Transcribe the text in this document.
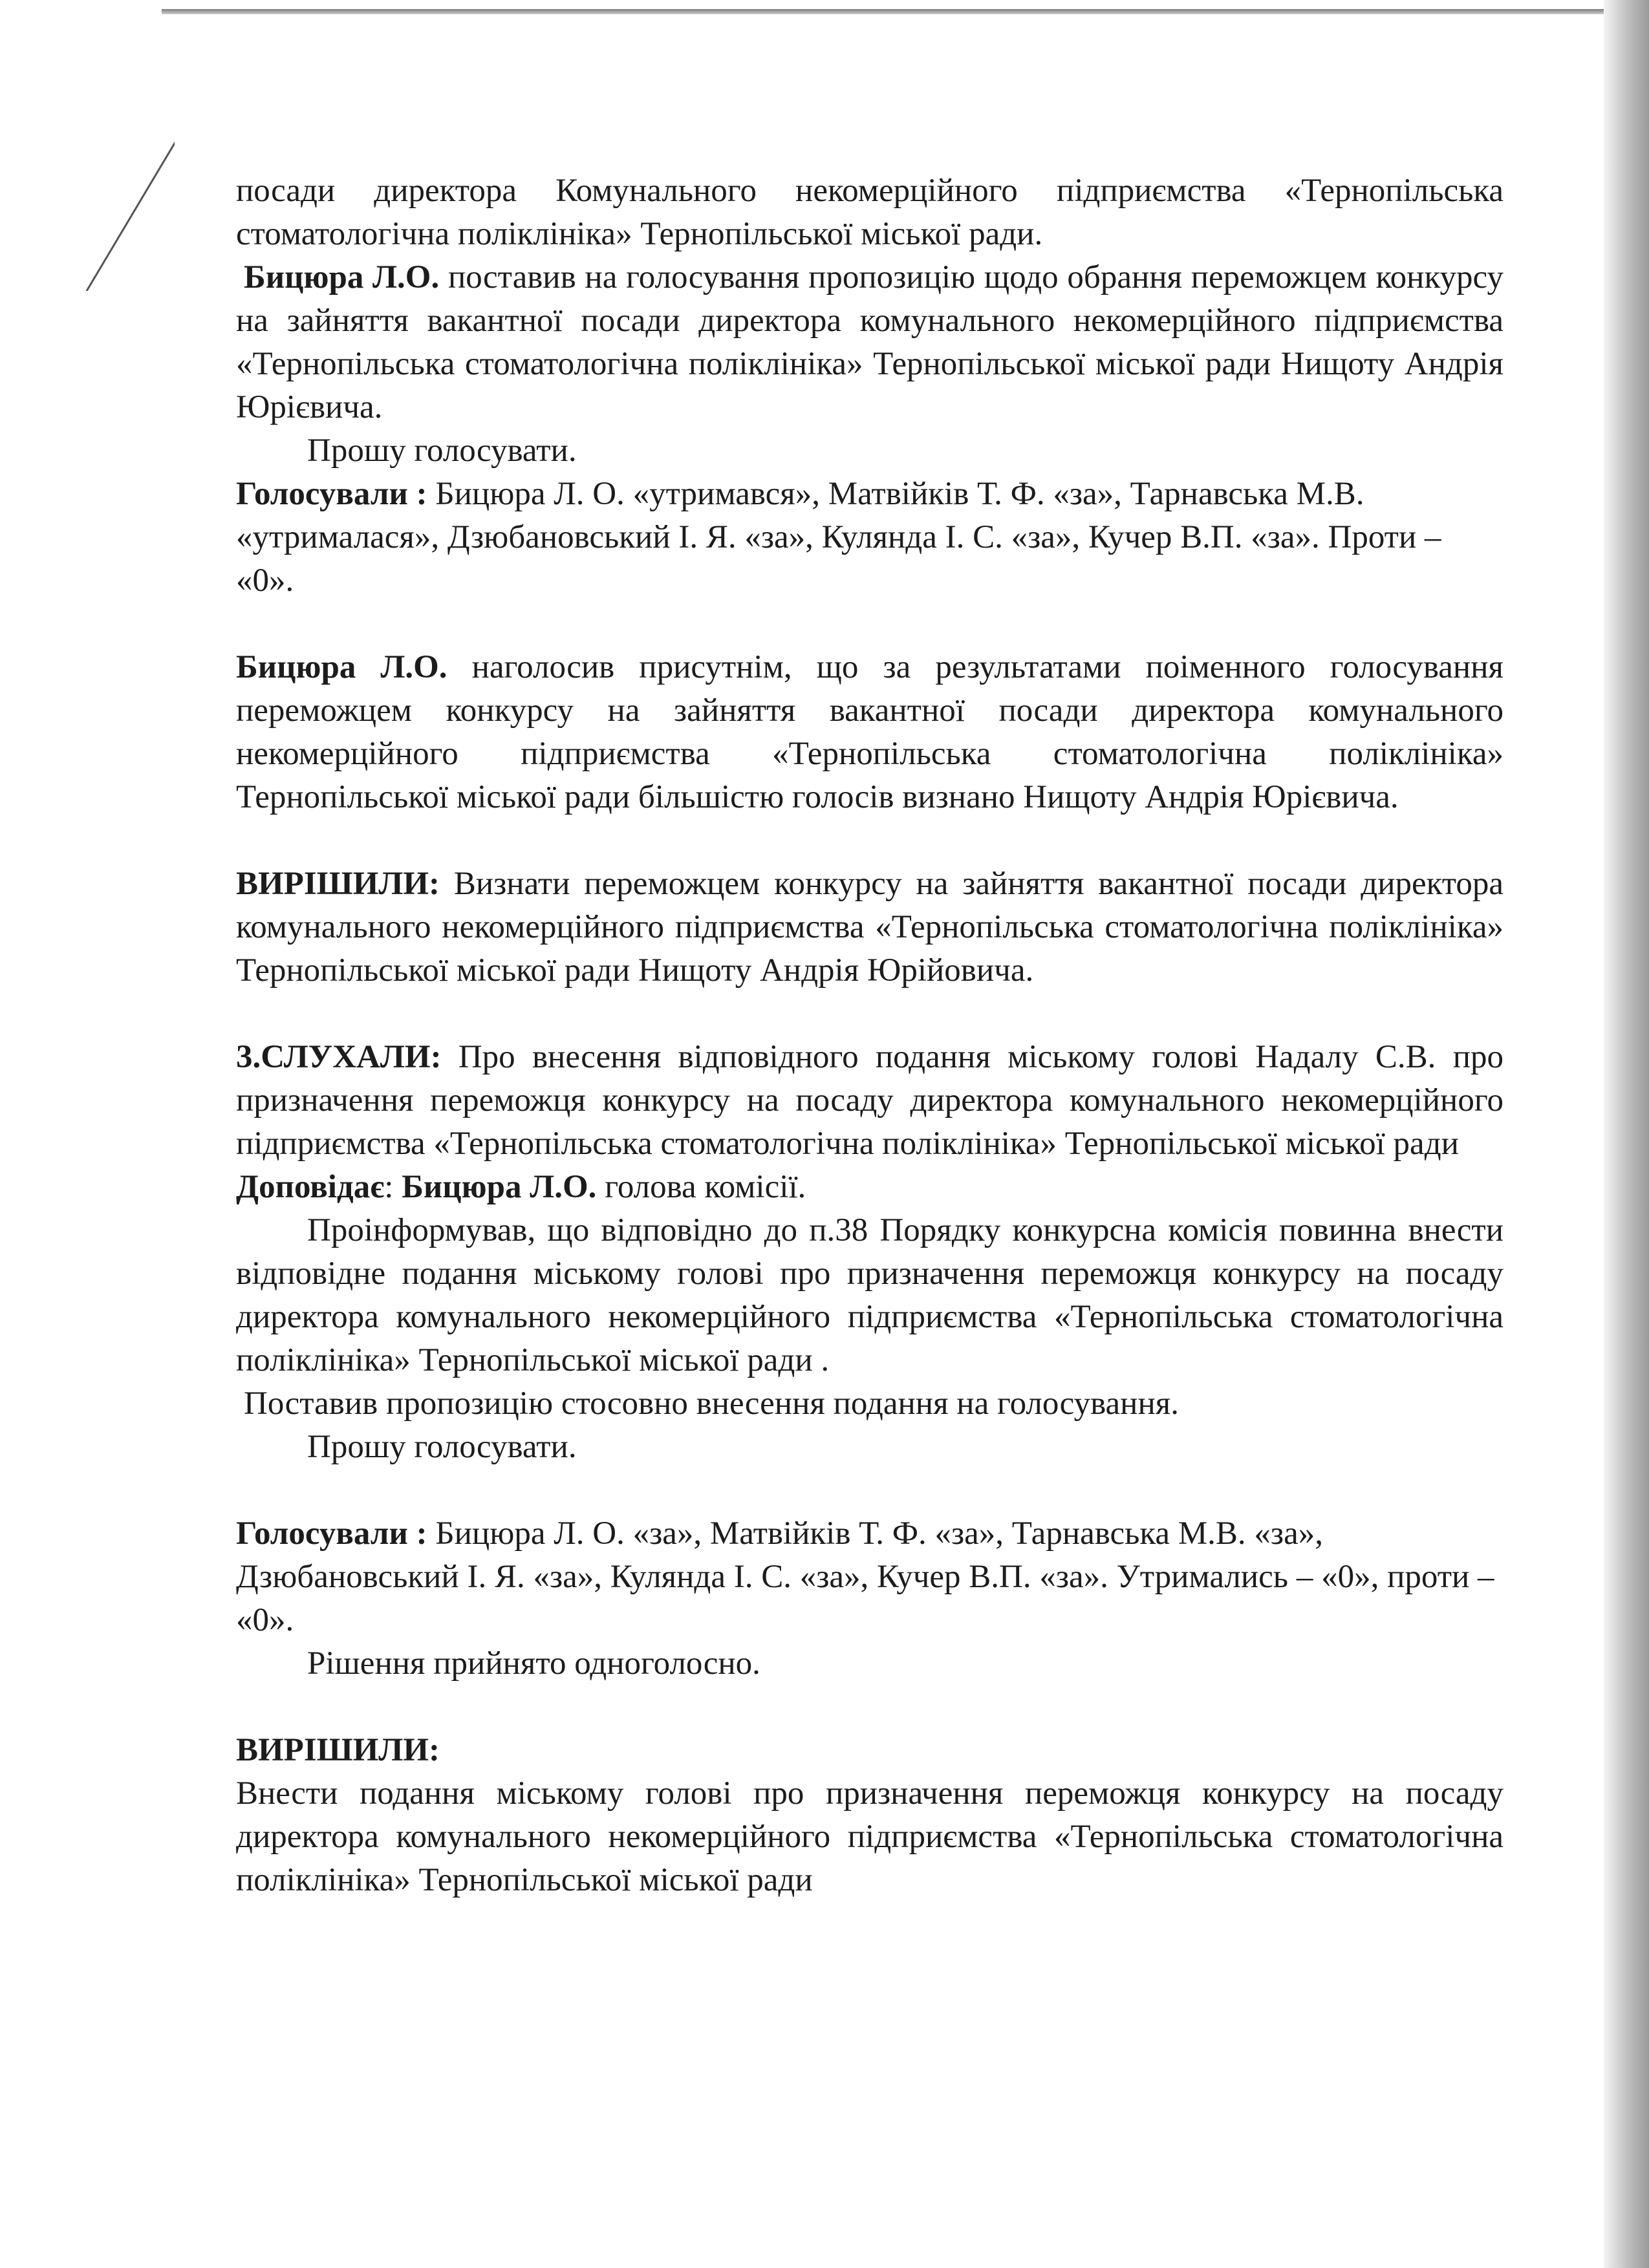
посади директора Комунального некомерційного підприємства «Тернопільська стоматологічна поліклініка» Тернопільської міської ради.

Бицюра Л.О. поставив на голосування пропозицію щодо обрання переможцем конкурсу на зайняття вакантної посади директора комунального некомерційного підприємства «Тернопільська стоматологічна поліклініка» Тернопільської міської ради Нищоту Андрія Юрієвича.

Прошу голосувати.

Голосували : Бицюра Л. О. «утримався», Матвійків Т. Ф. «за», Тарнавська М.В. «утрималася», Дзюбановський І. Я. «за», Кулянда І. С. «за», Кучер В.П. «за». Проти – «0».

Бицюра Л.О. наголосив присутнім, що за результатами поіменного голосування переможцем конкурсу на зайняття вакантної посади директора комунального некомерційного підприємства «Тернопільська стоматологічна поліклініка» Тернопільської міської ради більшістю голосів визнано Нищоту Андрія Юрієвича.

ВИРІШИЛИ: Визнати переможцем конкурсу на зайняття вакантної посади директора комунального некомерційного підприємства «Тернопільська стоматологічна поліклініка» Тернопільської міської ради Нищоту Андрія Юрійовича.

3.СЛУХАЛИ: Про внесення відповідного подання міському голові Надалу С.В. про призначення переможця конкурсу на посаду директора комунального некомерційного підприємства «Тернопільська стоматологічна поліклініка» Тернопільської міської ради

Доповідає: Бицюра Л.О. голова комісії.

Проінформував, що відповідно до п.38 Порядку конкурсна комісія повинна внести відповідне подання міському голові про призначення переможця конкурсу на посаду директора комунального некомерційного підприємства «Тернопільська стоматологічна поліклініка» Тернопільської міської ради .

Поставив пропозицію стосовно внесення подання на голосування.

Прошу голосувати.

Голосували : Бицюра Л. О. «за», Матвійків Т. Ф. «за», Тарнавська М.В. «за», Дзюбановський І. Я. «за», Кулянда І. С. «за», Кучер В.П. «за». Утримались – «0», проти – «0».

Рішення прийнято одноголосно.

ВИРІШИЛИ:

Внести подання міському голові про призначення переможця конкурсу на посаду директора комунального некомерційного підприємства «Тернопільська стоматологічна поліклініка» Тернопільської міської ради
